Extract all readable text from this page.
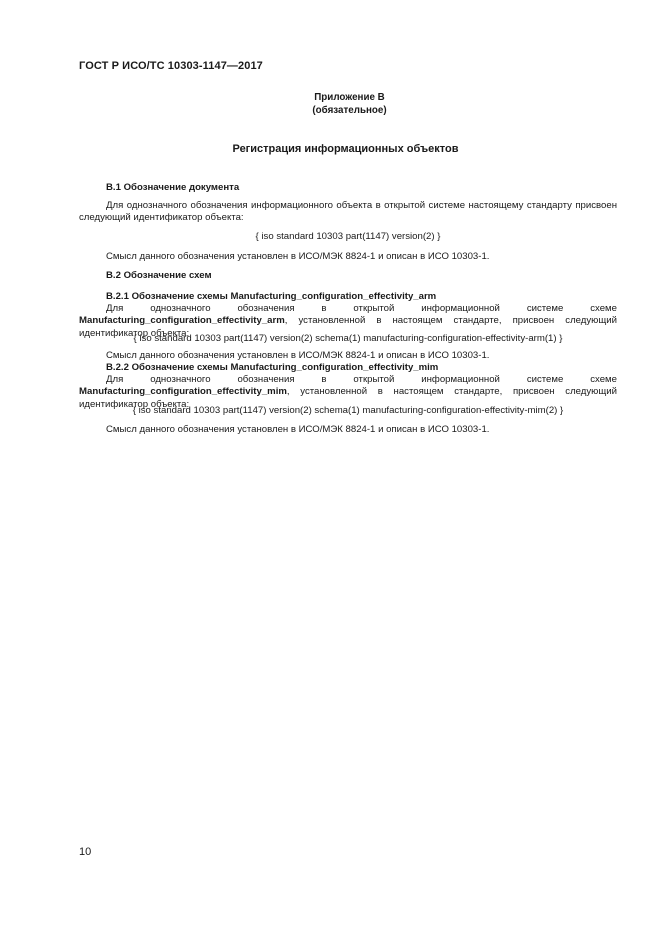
ГОСТ Р ИСО/ТС 10303-1147—2017
Приложение В
(обязательное)
Регистрация информационных объектов
В.1 Обозначение документа
Для однозначного обозначения информационного объекта в открытой системе настоящему стандарту присвоен следующий идентификатор объекта:
{ iso standard 10303 part(1147) version(2) }
Смысл данного обозначения установлен в ИСО/МЭК 8824-1 и описан в ИСО 10303-1.
В.2 Обозначение схем
В.2.1 Обозначение схемы Manufacturing_configuration_effectivity_arm
Для однозначного обозначения в открытой информационной системе схеме Manufacturing_configuration_effectivity_arm, установленной в настоящем стандарте, присвоен следующий идентификатор объекта:
{ iso standard 10303 part(1147) version(2) schema(1) manufacturing-configuration-effectivity-arm(1) }
Смысл данного обозначения установлен в ИСО/МЭК 8824-1 и описан в ИСО 10303-1.
В.2.2 Обозначение схемы Manufacturing_configuration_effectivity_mim
Для однозначного обозначения в открытой информационной системе схеме Manufacturing_configuration_effectivity_mim, установленной в настоящем стандарте, присвоен следующий идентификатор объекта:
{ iso standard 10303 part(1147) version(2) schema(1) manufacturing-configuration-effectivity-mim(2) }
Смысл данного обозначения установлен в ИСО/МЭК 8824-1 и описан в ИСО 10303-1.
10
